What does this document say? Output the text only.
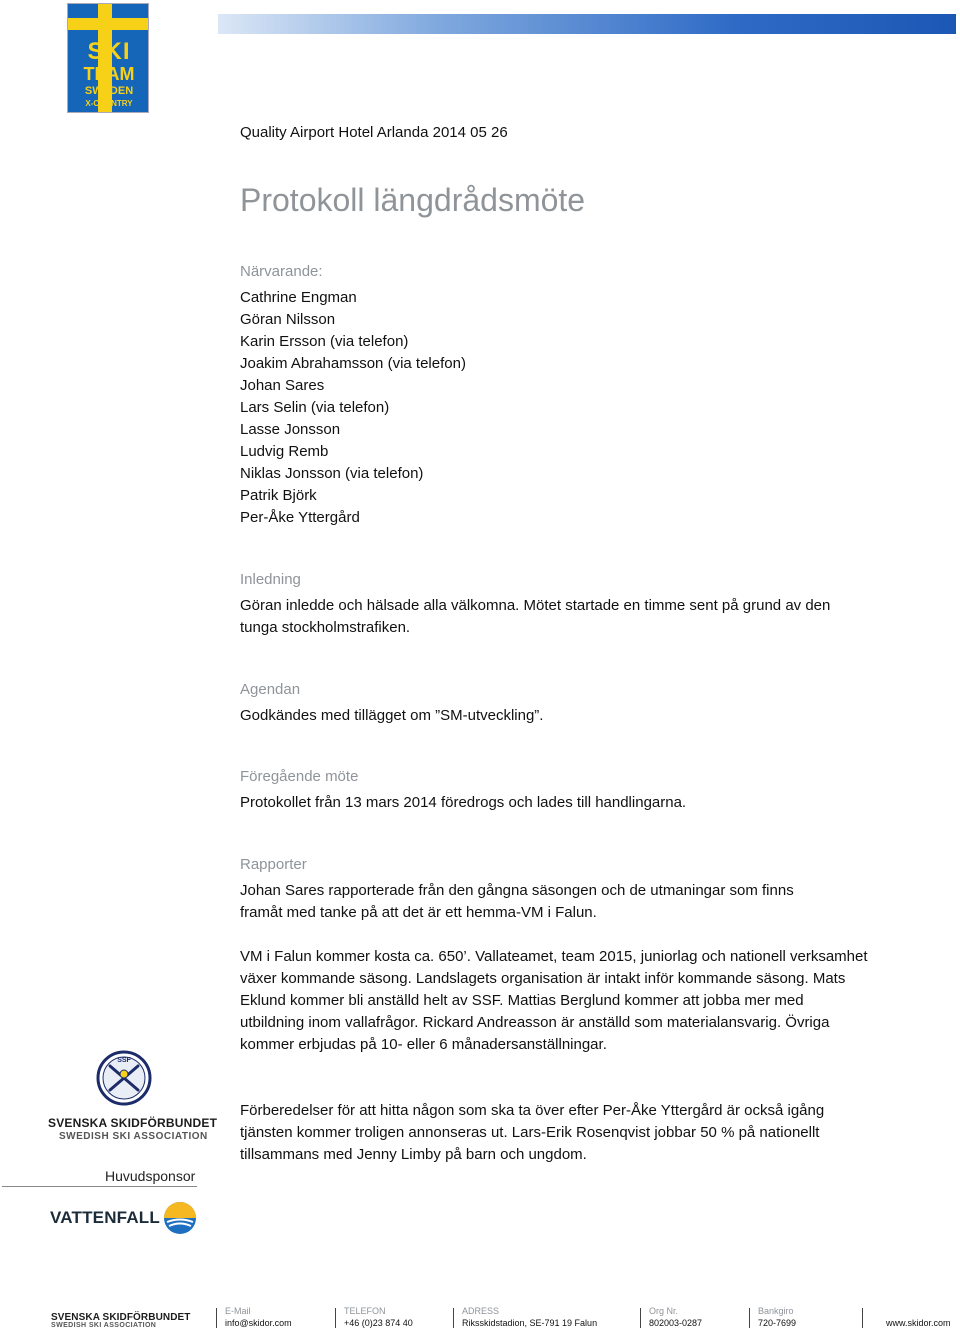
SKI
TEAM
SWEDEN
X-COUNTRY
Quality Airport Hotel Arlanda 2014 05 26
Protokoll längdrådsmöte
Närvarande:
Cathrine Engman
Göran Nilsson
Karin Ersson (via telefon)
Joakim Abrahamsson (via telefon)
Johan Sares
Lars Selin (via telefon)
Lasse Jonsson
Ludvig Remb
Niklas Jonsson (via telefon)
Patrik Björk
Per-Åke Yttergård
Inledning

Göran inledde och hälsade alla välkomna. Mötet startade en timme sent på grund av den tunga stockholmstrafiken.

Agendan

Godkändes med tillägget om ”SM-utveckling”.

Föregående möte

Protokollet från 13 mars 2014 föredrogs och lades till handlingarna.

Rapporter

Johan Sares rapporterade från den gångna säsongen och de utmaningar som finns framåt med tanke på att det är ett hemma-VM i Falun.

VM i Falun kommer kosta ca. 650’. Vallateamet, team 2015, juniorlag och nationell verksamhet växer kommande säsong. Landslagets organisation är intakt inför kommande säsong. Mats Eklund kommer bli anställd helt av SSF. Mattias Berglund kommer att jobba mer med utbildning inom vallafrågor. Rickard Andreasson är anställd som materialansvarig. Övriga kommer erbjudas på 10- eller 6 månadersanställningar.

Förberedelser för att hitta någon som ska ta över efter Per-Åke Yttergård är också igång tjänsten kommer troligen annonseras ut. Lars-Erik Rosenqvist jobbar 50 % på nationellt tillsammans med Jenny Limby på barn och ungdom.

SSF
SVENSKA SKIDFÖRBUNDET
SWEDISH SKI ASSOCIATION
Huvudsponsor
VATTENFALL
SVENSKA SKIDFÖRBUNDET
SWEDISH SKI ASSOCIATION
E-Mail
info@skidor.com
TELEFON
+46 (0)23 874 40
ADRESS
Riksskidstadion, SE-791 19 Falun
Org Nr.
802003-0287
Bankgiro
720-7699
	www.skidor.com
